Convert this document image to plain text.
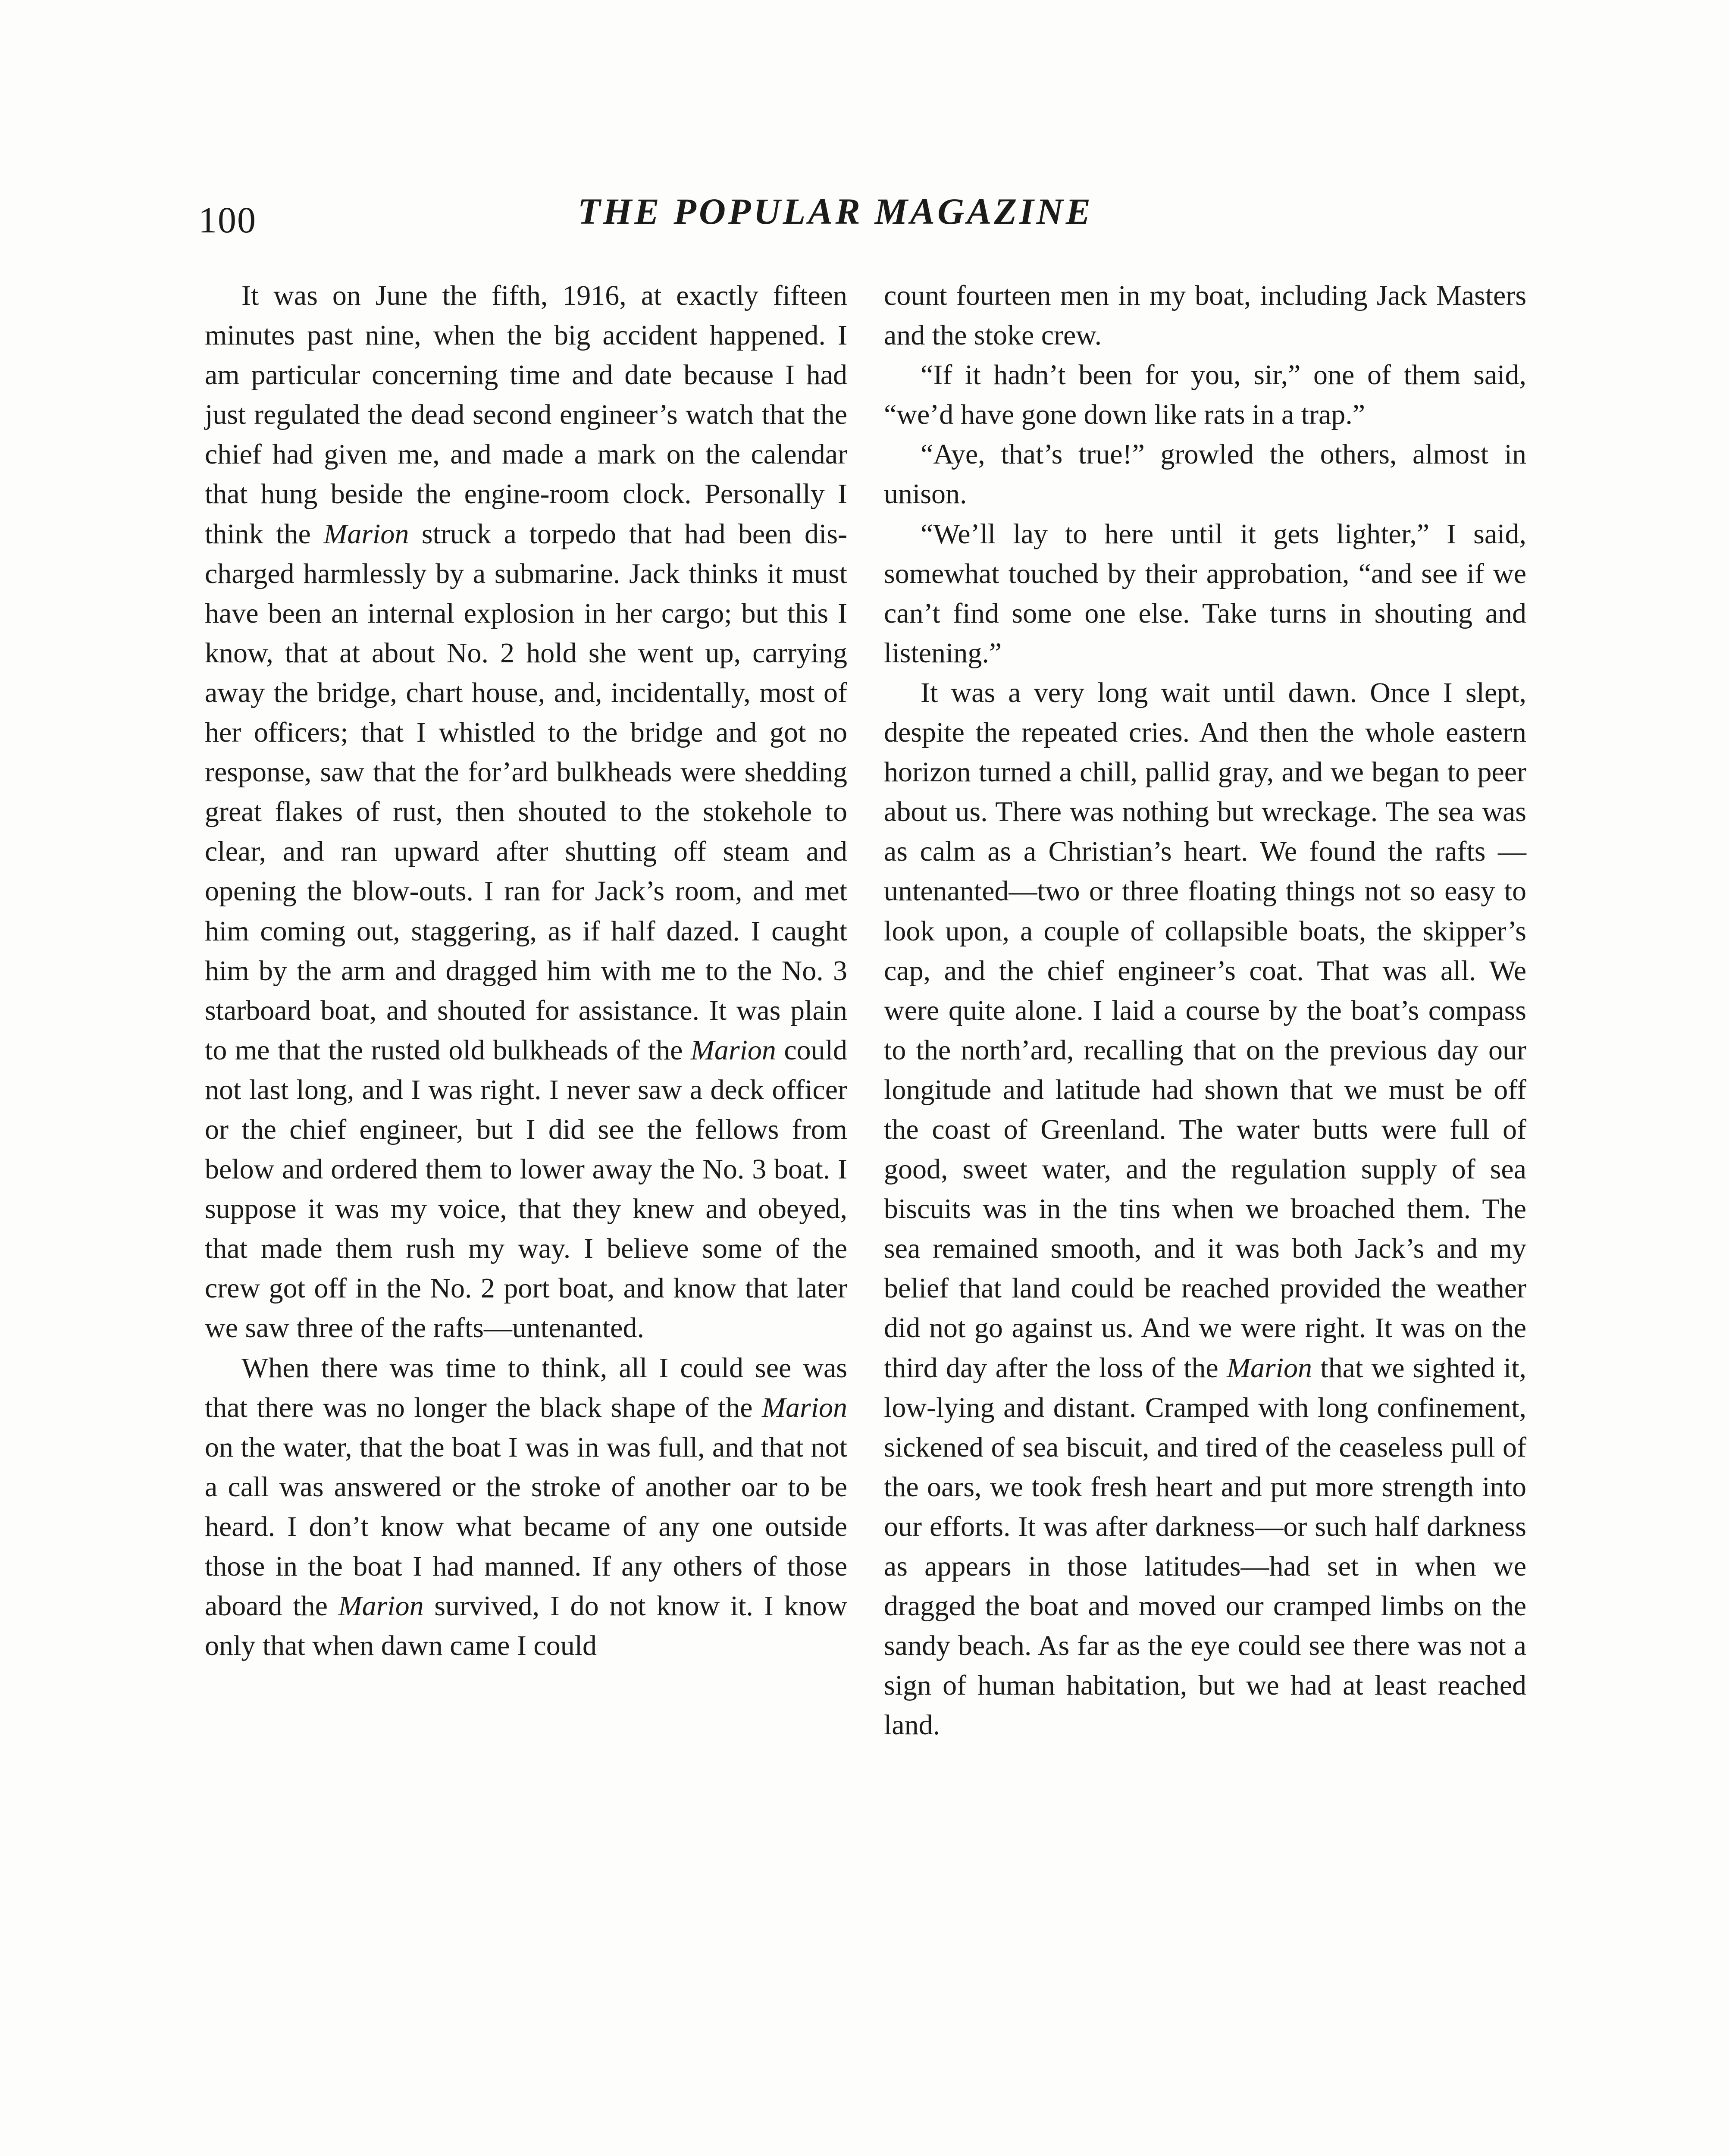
100	THE POPULAR MAGAZINE

It was on June the fifth, 1916, at exactly fifteen minutes past nine, when the big accident happened. I am particular concerning time and date because I had just regulated the dead second engineer’s watch that the chief had given me, and made a mark on the calendar that hung beside the engine-room clock. Personally I think the Marion struck a torpedo that had been discharged harmlessly by a submarine. Jack thinks it must have been an internal explosion in her cargo; but this I know, that at about No. 2 hold she went up, carrying away the bridge, chart house, and, incidentally, most of her officers; that I whistled to the bridge and got no response, saw that the for’ard bulkheads were shedding great flakes of rust, then shouted to the stokehole to clear, and ran upward after shutting off steam and opening the blow-outs. I ran for Jack’s room, and met him coming out, staggering, as if half dazed. I caught him by the arm and dragged him with me to the No. 3 starboard boat, and shouted for assistance. It was plain to me that the rusted old bulkheads of the Marion could not last long, and I was right. I never saw a deck officer or the chief engineer, but I did see the fellows from below and ordered them to lower away the No. 3 boat. I suppose it was my voice, that they knew and obeyed, that made them rush my way. I believe some of the crew got off in the No. 2 port boat, and know that later we saw three of the rafts—untenanted.

When there was time to think, all I could see was that there was no longer the black shape of the Marion on the water, that the boat I was in was full, and that not a call was answered or the stroke of another oar to be heard. I don’t know what became of any one outside those in the boat I had manned. If any others of those aboard the Marion survived, I do not know it. I know only that when dawn came I could

count fourteen men in my boat, including Jack Masters and the stoke crew.

“If it hadn’t been for you, sir,” one of them said, “we’d have gone down like rats in a trap.”

“Aye, that’s true!” growled the others, almost in unison.

“We’ll lay to here until it gets lighter,” I said, somewhat touched by their approbation, “and see if we can’t find some one else. Take turns in shouting and listening.”

It was a very long wait until dawn. Once I slept, despite the repeated cries. And then the whole eastern horizon turned a chill, pallid gray, and we began to peer about us. There was nothing but wreckage. The sea was as calm as a Christian’s heart. We found the rafts —untenanted—two or three floating things not so easy to look upon, a couple of collapsible boats, the skipper’s cap, and the chief engineer’s coat. That was all. We were quite alone. I laid a course by the boat’s compass to the north’ard, recalling that on the previous day our longitude and latitude had shown that we must be off the coast of Greenland. The water butts were full of good, sweet water, and the regulation supply of sea biscuits was in the tins when we broached them. The sea remained smooth, and it was both Jack’s and my belief that land could be reached provided the weather did not go against us. And we were right. It was on the third day after the loss of the Marion that we sighted it, low-lying and distant. Cramped with long confinement, sickened of sea biscuit, and tired of the ceaseless pull of the oars, we took fresh heart and put more strength into our efforts. It was after darkness—or such half darkness as appears in those latitudes—had set in when we dragged the boat and moved our cramped limbs on the sandy beach. As far as the eye could see there was not a sign of human habitation, but we had at least reached land.
